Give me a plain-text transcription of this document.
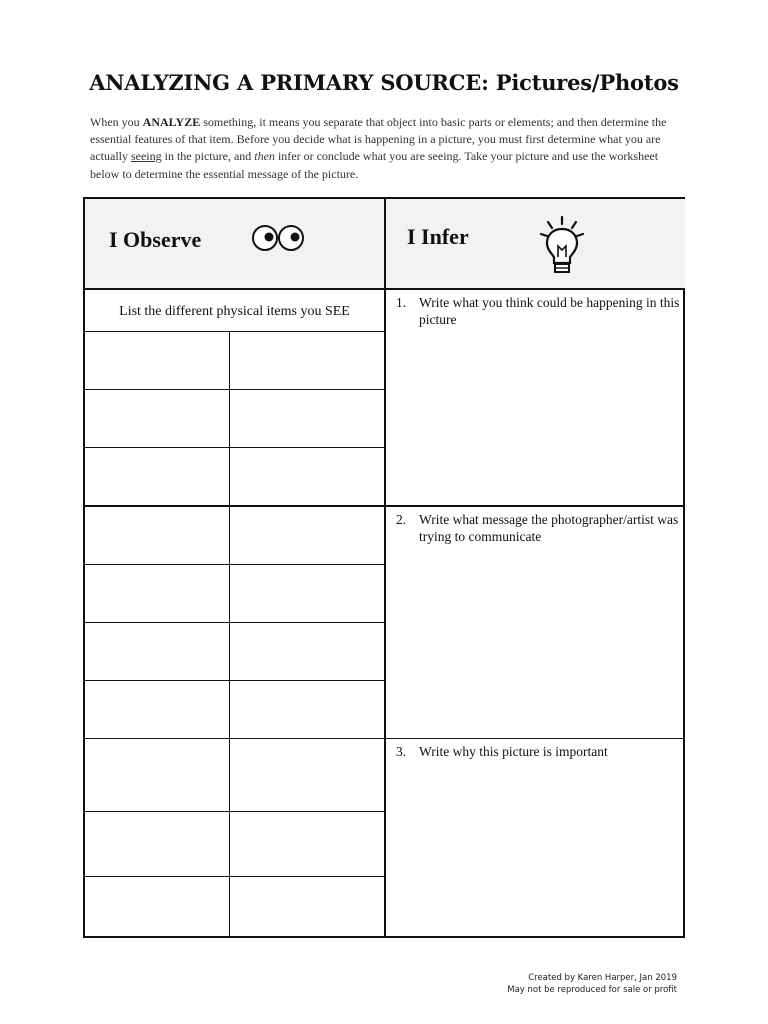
ANALYZING A PRIMARY SOURCE: Pictures/Photos
When you ANALYZE something, it means you separate that object into basic parts or elements; and then determine the essential features of that item. Before you decide what is happening in a picture, you must first determine what you are actually seeing in the picture, and then infer or conclude what you are seeing. Take your picture and use the worksheet below to determine the essential message of the picture.
I Observe	I Infer
List the different physical items you SEE
1. Write what you think could be happening in this picture
2. Write what message the photographer/artist was trying to communicate
3. Write why this picture is important
Created by Karen Harper, Jan 2019
May not be reproduced for sale or profit
